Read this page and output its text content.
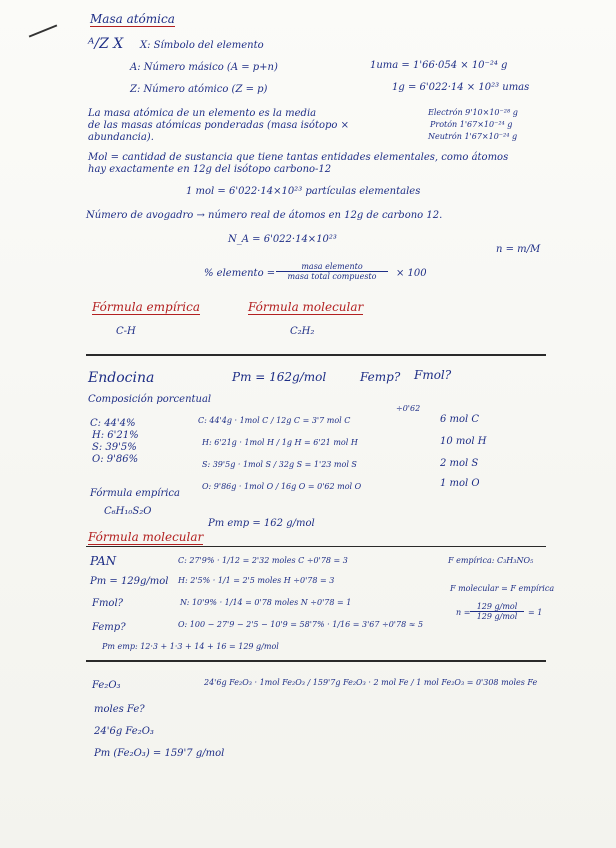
Masa atómica
ᴬ/Z X X: Símbolo del elemento
A: Número másico (A = p+n)
Z: Número atómico (Z = p)
1uma = 1'66·054 × 10⁻²⁴ g
1g = 6'022·14 × 10²³ umas
La masa atómica de un elemento es la media
de las masas atómicas ponderadas (masa isótopo ×
abundancia).
Electrón 9'10×10⁻²⁸ g
Protón 1'67×10⁻²⁴ g
Neutrón 1'67×10⁻²⁴ g
Mol = cantidad de sustancia que tiene tantas entidades elementales, como átomos
hay exactamente en 12g del isótopo carbono-12
1 mol = 6'022·14×10²³ partículas elementales
Número de avogadro → número real de átomos en 12g de carbono 12.
N_A = 6'022·14×10²³
n = m/M
% elemento =
masa elemento
masa total compuesto	× 100
Fórmula empírica	Fórmula molecular
C-H	C₂H₂
Endocina	Pm = 162g/mol	Femp? Fmol?
Composición porcentual
C: 44'4%
H: 6'21%
S: 39'5%
O: 9'86%
C: 44'4g · 1mol C / 12g C = 3'7 mol C
H: 6'21g · 1mol H / 1g H = 6'21 mol H
S: 39'5g · 1mol S / 32g S = 1'23 mol S
O: 9'86g · 1mol O / 16g O = 0'62 mol O
÷0'62
6 mol C
10 mol H
2 mol S
1 mol O
Fórmula empírica
C₆H₁₀S₂O
Pm emp = 162 g/mol
Fórmula molecular
PAN
Pm = 129g/mol
Fmol?
Femp?
Pm emp: 12·3 + 1·3 + 14 + 16 = 129 g/mol
C: 27'9% · 1/12 = 2'32 moles C ÷0'78 = 3
H: 2'5% · 1/1 = 2'5 moles H ÷0'78 = 3
N: 10'9% · 1/14 = 0'78 moles N ÷0'78 = 1
O: 100 − 27'9 − 2'5 − 10'9 = 58'7% · 1/16 = 3'67 ÷0'78 ≈ 5
F empírica: C₃H₃NO₅
F molecular = F empírica
n =
129 g/mol
129 g/mol	= 1
Fe₂O₃	24'6g Fe₂O₃ · 1mol Fe₂O₃ / 159'7g Fe₂O₃ · 2 mol Fe / 1 mol Fe₂O₃ = 0'308 moles Fe
moles Fe?
24'6g Fe₂O₃
Pm (Fe₂O₃) = 159'7 g/mol
